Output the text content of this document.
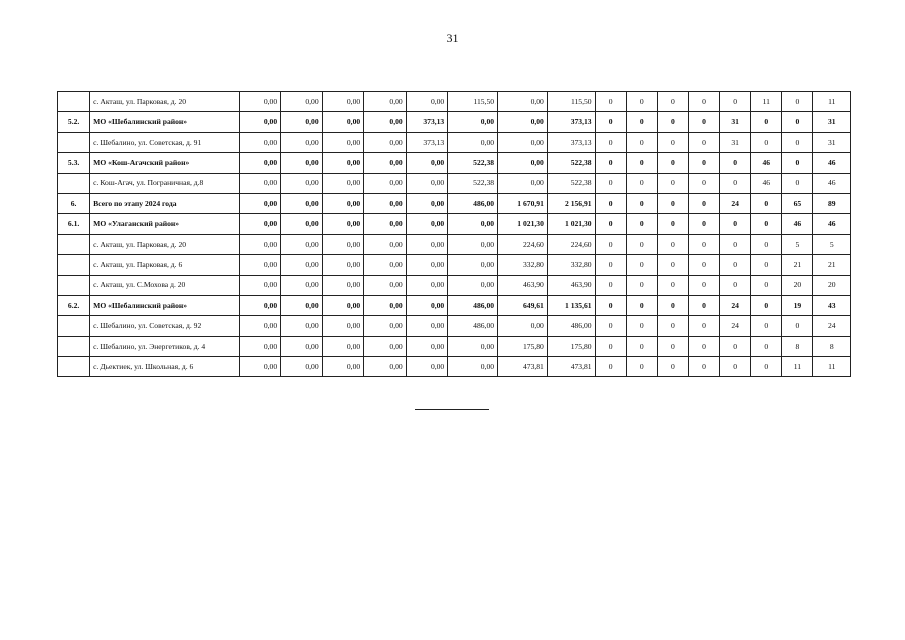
31
	с. Акташ, ул. Парковая, д. 20	0,00	0,00	0,00	0,00	0,00	115,50	0,00	115,50	0	0	0	0	0	11	0	11
5.2.	МО «Шебалинский район»	0,00	0,00	0,00	0,00	373,13	0,00	0,00	373,13	0	0	0	0	31	0	0	31
	с. Шебалино, ул. Советская, д. 91	0,00	0,00	0,00	0,00	373,13	0,00	0,00	373,13	0	0	0	0	31	0	0	31
5.3.	МО «Кош-Агачский район»	0,00	0,00	0,00	0,00	0,00	522,38	0,00	522,38	0	0	0	0	0	46	0	46
	с. Кош-Агач, ул. Пограничная, д.8	0,00	0,00	0,00	0,00	0,00	522,38	0,00	522,38	0	0	0	0	0	46	0	46
6.	Всего по этапу 2024 года	0,00	0,00	0,00	0,00	0,00	486,00	1 670,91	2 156,91	0	0	0	0	24	0	65	89
6.1.	МО «Улаганский район»	0,00	0,00	0,00	0,00	0,00	0,00	1 021,30	1 021,30	0	0	0	0	0	0	46	46
	с. Акташ, ул. Парковая, д. 20	0,00	0,00	0,00	0,00	0,00	0,00	224,60	224,60	0	0	0	0	0	0	5	5
	с. Акташ, ул. Парковая, д. 6	0,00	0,00	0,00	0,00	0,00	0,00	332,80	332,80	0	0	0	0	0	0	21	21
	с. Акташ, ул. С.Мохова д. 20	0,00	0,00	0,00	0,00	0,00	0,00	463,90	463,90	0	0	0	0	0	0	20	20
6.2.	МО «Шебалинский район»	0,00	0,00	0,00	0,00	0,00	486,00	649,61	1 135,61	0	0	0	0	24	0	19	43
	с. Шебалино, ул. Советская, д. 92	0,00	0,00	0,00	0,00	0,00	486,00	0,00	486,00	0	0	0	0	24	0	0	24
	с. Шебалино, ул. Энергетиков, д. 4	0,00	0,00	0,00	0,00	0,00	0,00	175,80	175,80	0	0	0	0	0	0	8	8
	с. Дьектиек, ул. Школьная, д. 6	0,00	0,00	0,00	0,00	0,00	0,00	473,81	473,81	0	0	0	0	0	0	11	11
